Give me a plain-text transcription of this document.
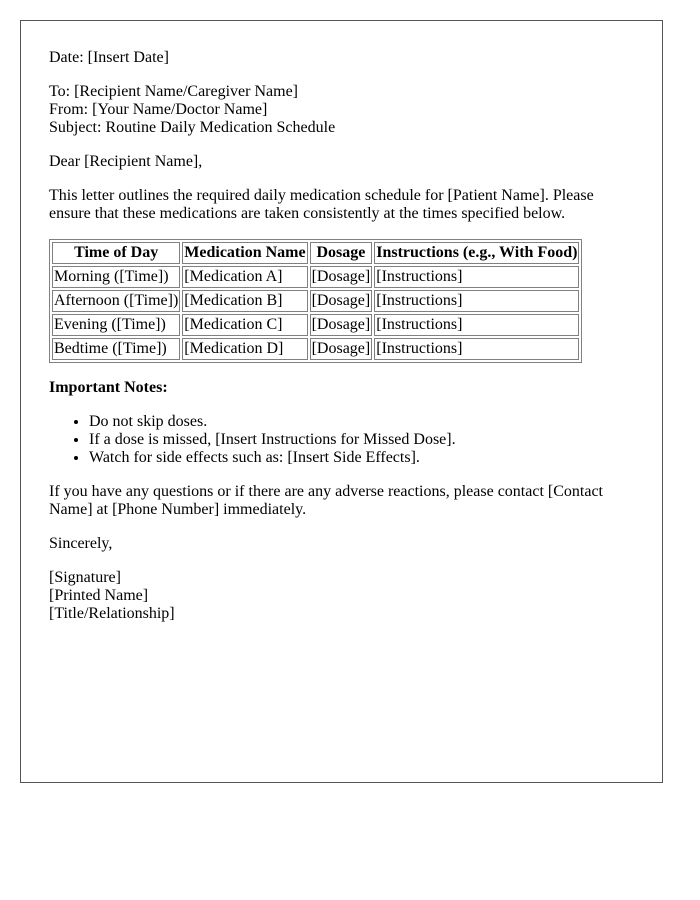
Date: [Insert Date]

To: [Recipient Name/Caregiver Name]
From: [Your Name/Doctor Name]
Subject: Routine Daily Medication Schedule

Dear [Recipient Name],

This letter outlines the required daily medication schedule for [Patient Name]. Please ensure that these medications are taken consistently at the times specified below.

Time of Day	Medication Name	Dosage	Instructions (e.g., With Food)
Morning ([Time])	[Medication A]	[Dosage]	[Instructions]
Afternoon ([Time])	[Medication B]	[Dosage]	[Instructions]
Evening ([Time])	[Medication C]	[Dosage]	[Instructions]
Bedtime ([Time])	[Medication D]	[Dosage]	[Instructions]

Important Notes:

• Do not skip doses.
• If a dose is missed, [Insert Instructions for Missed Dose].
• Watch for side effects such as: [Insert Side Effects].

If you have any questions or if there are any adverse reactions, please contact [Contact Name] at [Phone Number] immediately.

Sincerely,

[Signature]
[Printed Name]
[Title/Relationship]
